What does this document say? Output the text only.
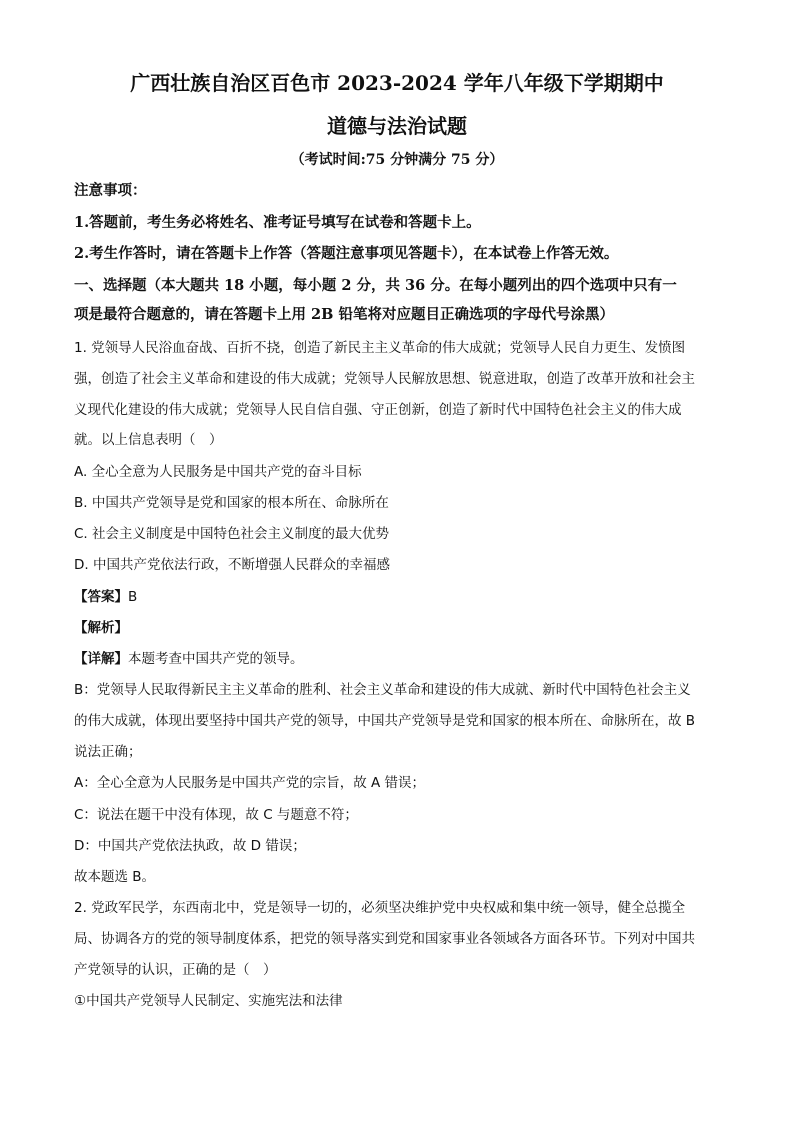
广西壮族自治区百色市 2023-2024 学年八年级下学期期中
道德与法治试题
（考试时间:75 分钟满分 75 分）
注意事项：
1.答题前，考生务必将姓名、准考证号填写在试卷和答题卡上。
2.考生作答时，请在答题卡上作答（答题注意事项见答题卡），在本试卷上作答无效。
一、选择题（本大题共 18 小题，每小题 2 分，共 36 分。在每小题列出的四个选项中只有一
项是最符合题意的，请在答题卡上用 2B 铅笔将对应题目正确选项的字母代号涂黑）
1. 党领导人民浴血奋战、百折不挠，创造了新民主主义革命的伟大成就；党领导人民自力更生、发愤图
强，创造了社会主义革命和建设的伟大成就；党领导人民解放思想、锐意进取，创造了改革开放和社会主
义现代化建设的伟大成就；党领导人民自信自强、守正创新，创造了新时代中国特色社会主义的伟大成
就。以上信息表明（　）
A. 全心全意为人民服务是中国共产党的奋斗目标
B. 中国共产党领导是党和国家的根本所在、命脉所在
C. 社会主义制度是中国特色社会主义制度的最大优势
D. 中国共产党依法行政，不断增强人民群众的幸福感
【答案】B
【解析】
【详解】本题考查中国共产党的领导。
B：党领导人民取得新民主主义革命的胜利、社会主义革命和建设的伟大成就、新时代中国特色社会主义
的伟大成就，体现出要坚持中国共产党的领导，中国共产党领导是党和国家的根本所在、命脉所在，故 B
说法正确；
A：全心全意为人民服务是中国共产党的宗旨，故 A 错误；
C：说法在题干中没有体现，故 C 与题意不符；
D：中国共产党依法执政，故 D 错误；
故本题选 B。
2. 党政军民学，东西南北中，党是领导一切的，必须坚决维护党中央权威和集中统一领导，健全总揽全
局、协调各方的党的领导制度体系，把党的领导落实到党和国家事业各领域各方面各环节。下列对中国共
产党领导的认识，正确的是（　）
①中国共产党领导人民制定、实施宪法和法律
